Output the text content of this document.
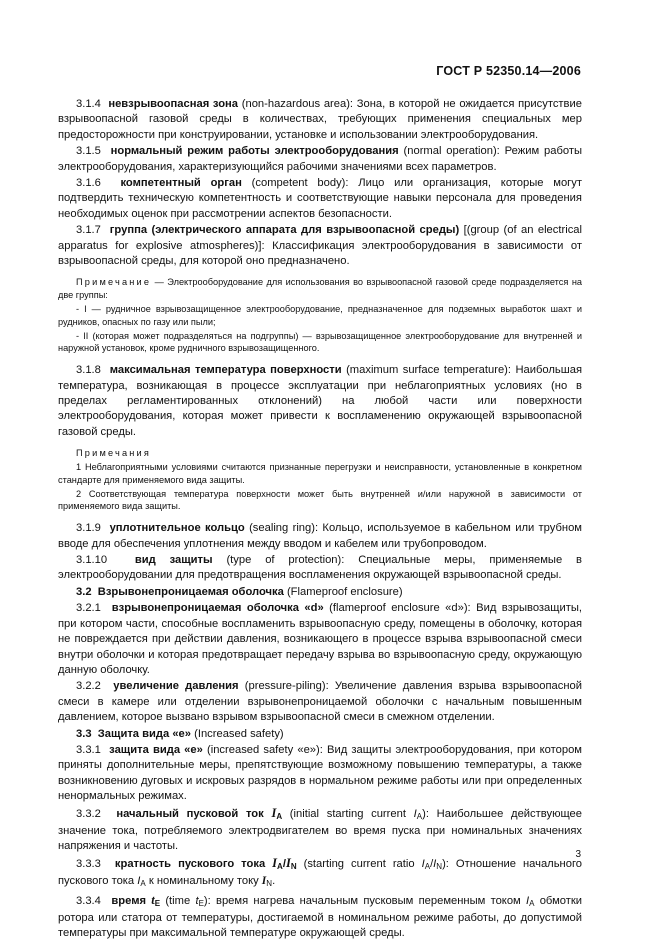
ГОСТ Р 52350.14—2006

3.1.4 невзрывоопасная зона (non-hazardous area): Зона, в которой не ожидается присутствие взрывоопасной газовой среды в количествах, требующих применения специальных мер предосторожности при конструировании, установке и использовании электрооборудования.

3.1.5 нормальный режим работы электрооборудования (normal operation): Режим работы электрооборудования, характеризующийся рабочими значениями всех параметров.

3.1.6 компетентный орган (competent body): Лицо или организация, которые могут подтвердить техническую компетентность и соответствующие навыки персонала для проведения необходимых оценок при рассмотрении аспектов безопасности.

3.1.7 группа (электрического аппарата для взрывоопасной среды) [(group (of an electrical apparatus for explosive atmospheres)]: Классификация электрооборудования в зависимости от взрывоопасной среды, для которой оно предназначено.

Примечание — Электрооборудование для использования во взрывоопасной газовой среде подразделяется на две группы:

- I — рудничное взрывозащищенное электрооборудование, предназначенное для подземных выработок шахт и рудников, опасных по газу или пыли;

- II (которая может подразделяться на подгруппы) — взрывозащищенное электрооборудование для внутренней и наружной установок, кроме рудничного взрывозащищенного.

3.1.8 максимальная температура поверхности (maximum surface temperature): Наибольшая температура, возникающая в процессе эксплуатации при неблагоприятных условиях (но в пределах регламентированных отклонений) на любой части или поверхности электрооборудования, которая может привести к воспламенению окружающей взрывоопасной газовой среды.

Примечания

1 Неблагоприятными условиями считаются признанные перегрузки и неисправности, установленные в конкретном стандарте для применяемого вида защиты.

2 Соответствующая температура поверхности может быть внутренней и/или наружной в зависимости от применяемого вида защиты.

3.1.9 уплотнительное кольцо (sealing ring): Кольцо, используемое в кабельном или трубном вводе для обеспечения уплотнения между вводом и кабелем или трубопроводом.

3.1.10 вид защиты (type of protection): Специальные меры, применяемые в электрооборудовании для предотвращения воспламенения окружающей взрывоопасной среды.

3.2 Взрывонепроницаемая оболочка (Flameproof enclosure)

3.2.1 взрывонепроницаемая оболочка «d» (flameproof enclosure «d»): Вид взрывозащиты, при котором части, способные воспламенить взрывоопасную среду, помещены в оболочку, которая не повреждается при действии давления, возникающего в процессе взрыва взрывоопасной смеси внутри оболочки и которая предотвращает передачу взрыва во взрывоопасную среду, окружающую данную оболочку.

3.2.2 увеличение давления (pressure-piling): Увеличение давления взрыва взрывоопасной смеси в камере или отделении взрывонепроницаемой оболочки с начальным повышенным давлением, которое вызвано взрывом взрывоопасной смеси в смежном отделении.

3.3 Защита вида «е» (Increased safety)

3.3.1 защита вида «е» (increased safety «е»): Вид защиты электрооборудования, при котором приняты дополнительные меры, препятствующие возможному повышению температуры, а также возникновению дуговых и искровых разрядов в нормальном режиме работы или при определенных ненормальных режимах.

3.3.2 начальный пусковой ток IA (initial starting current $I_A$): Наибольшее действующее значение тока, потребляемого электродвигателем во время пуска при номинальных значениях напряжения и частоты.

3.3.3 кратность пускового тока IA/IN (starting current ratio $I_A/I_N$): Отношение начального пускового тока $I_A$ к номинальному току $I_N$.

3.3.4 время tE (time $t_E$): время нагрева начальным пусковым переменным током $I_A$ обмотки ротора или статора от температуры, достигаемой в номинальном режиме работы, до допустимой температуры при максимальной температуре окружающей среды.

3
